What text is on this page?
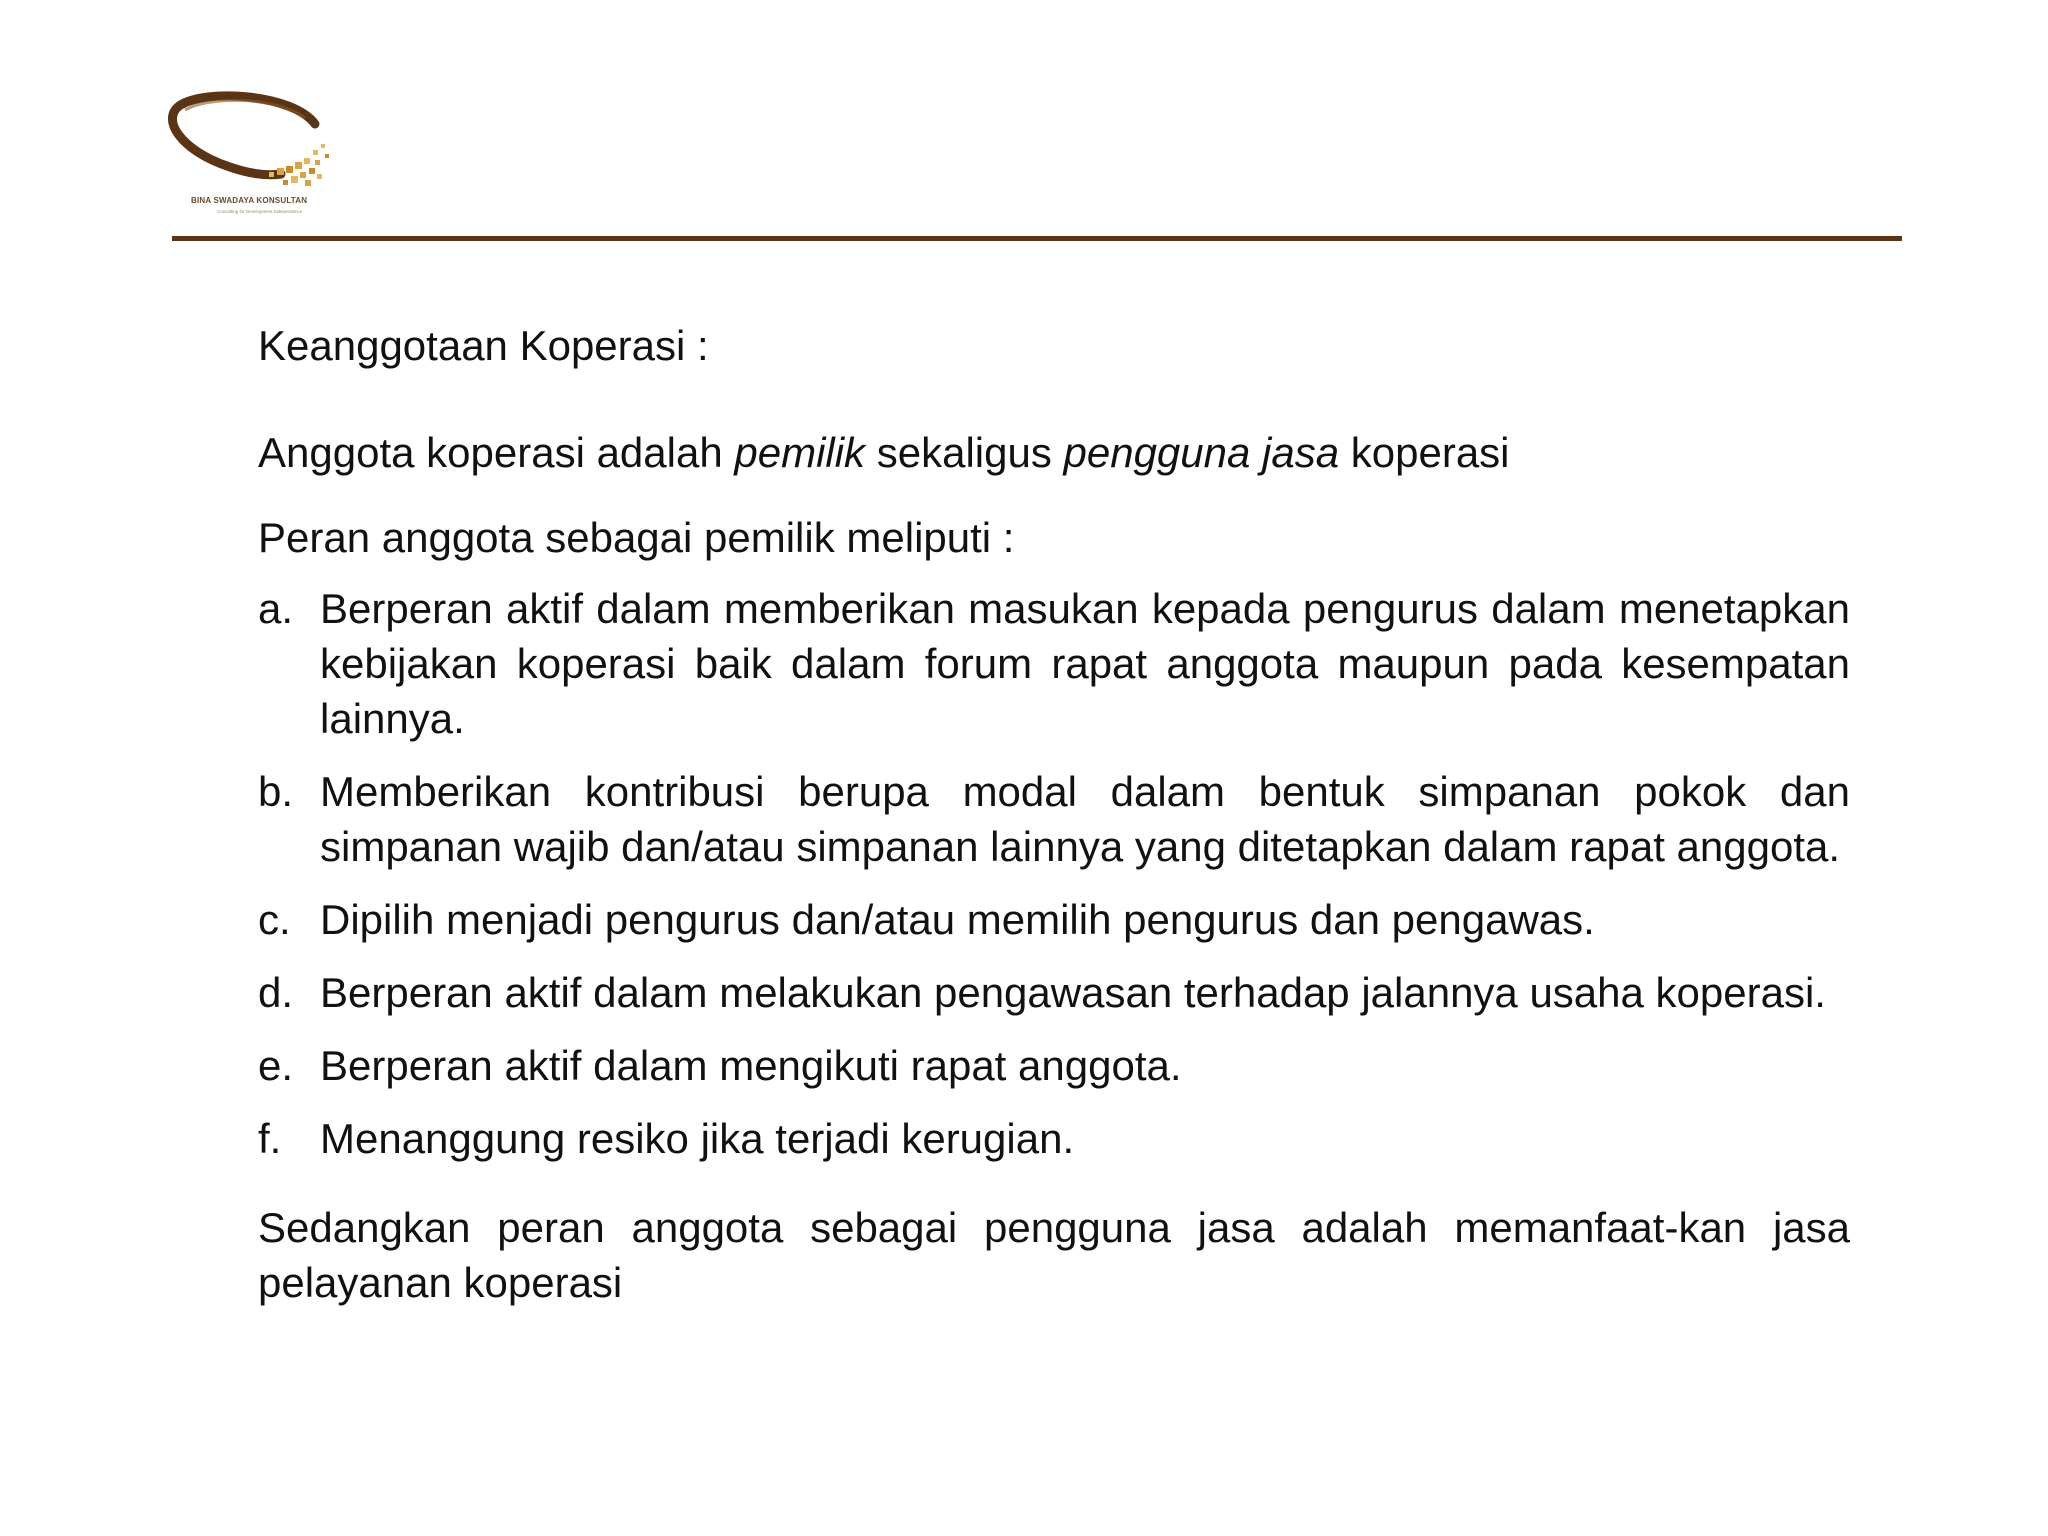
BINA SWADAYA KONSULTAN
Consulting for Development Independence

Keanggotaan Koperasi :

Anggota koperasi adalah pemilik sekaligus pengguna jasa koperasi

Peran anggota sebagai pemilik meliputi :

a. Berperan aktif dalam memberikan masukan kepada pengurus dalam menetapkan kebijakan koperasi baik dalam forum rapat anggota maupun pada kesempatan lainnya.
b. Memberikan kontribusi berupa modal dalam bentuk simpanan pokok dan simpanan wajib dan/atau simpanan lainnya yang ditetapkan dalam rapat anggota.
c. Dipilih menjadi pengurus dan/atau memilih pengurus dan pengawas.
d. Berperan aktif dalam melakukan pengawasan terhadap jalannya usaha koperasi.
e. Berperan aktif dalam mengikuti rapat anggota.
f. Menanggung resiko jika terjadi kerugian.

Sedangkan peran anggota sebagai pengguna jasa adalah memanfaat-kan jasa pelayanan koperasi
